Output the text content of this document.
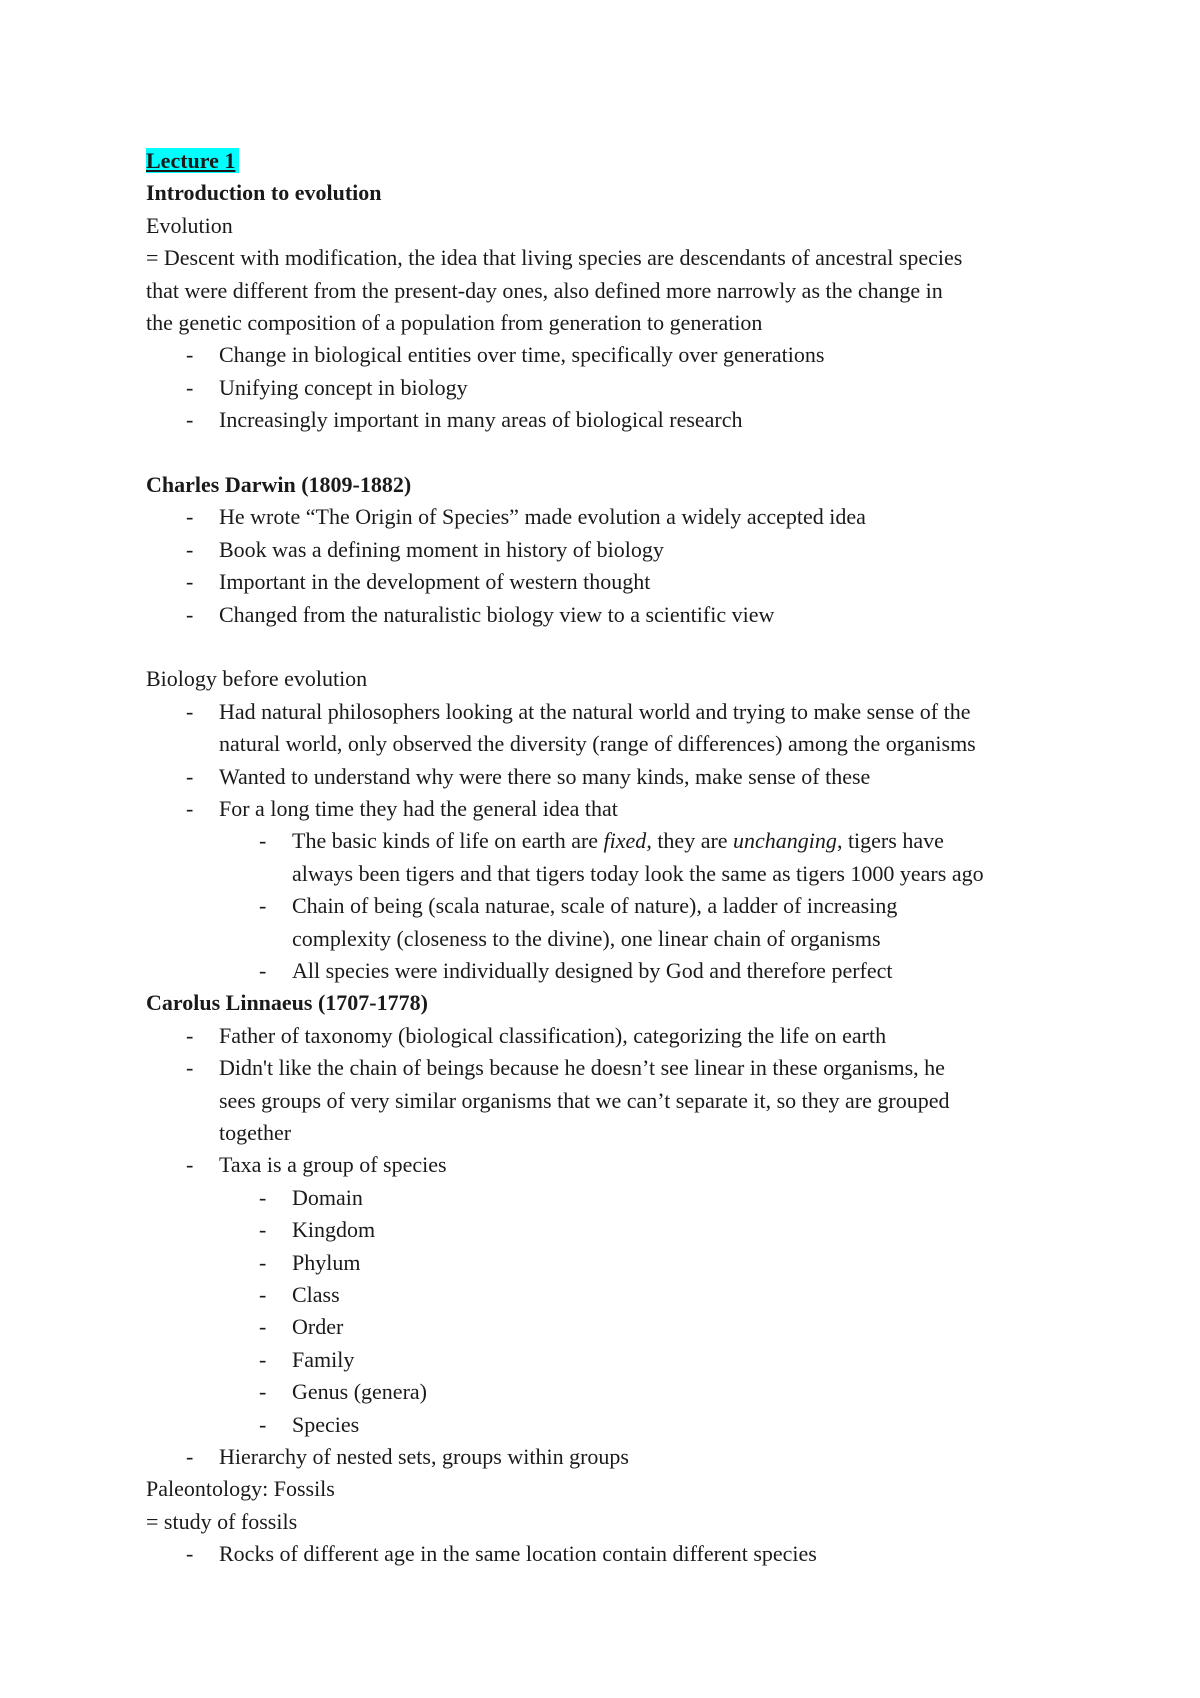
Lecture 1
Introduction to evolution
Evolution
= Descent with modification, the idea that living species are descendants of ancestral species
that were different from the present-day ones, also defined more narrowly as the change in
the genetic composition of a population from generation to generation
- Change in biological entities over time, specifically over generations
- Unifying concept in biology
- Increasingly important in many areas of biological research
Charles Darwin (1809-1882)
- He wrote “The Origin of Species” made evolution a widely accepted idea
- Book was a defining moment in history of biology
- Important in the development of western thought
- Changed from the naturalistic biology view to a scientific view
Biology before evolution
- Had natural philosophers looking at the natural world and trying to make sense of the
natural world, only observed the diversity (range of differences) among the organisms
- Wanted to understand why were there so many kinds, make sense of these
- For a long time they had the general idea that
- The basic kinds of life on earth are fixed, they are unchanging, tigers have
always been tigers and that tigers today look the same as tigers 1000 years ago
- Chain of being (scala naturae, scale of nature), a ladder of increasing
complexity (closeness to the divine), one linear chain of organisms
- All species were individually designed by God and therefore perfect
Carolus Linnaeus (1707-1778)
- Father of taxonomy (biological classification), categorizing the life on earth
- Didn't like the chain of beings because he doesn’t see linear in these organisms, he
sees groups of very similar organisms that we can’t separate it, so they are grouped
together
- Taxa is a group of species
- Domain
- Kingdom
- Phylum
- Class
- Order
- Family
- Genus (genera)
- Species
- Hierarchy of nested sets, groups within groups
Paleontology: Fossils
= study of fossils
- Rocks of different age in the same location contain different species
